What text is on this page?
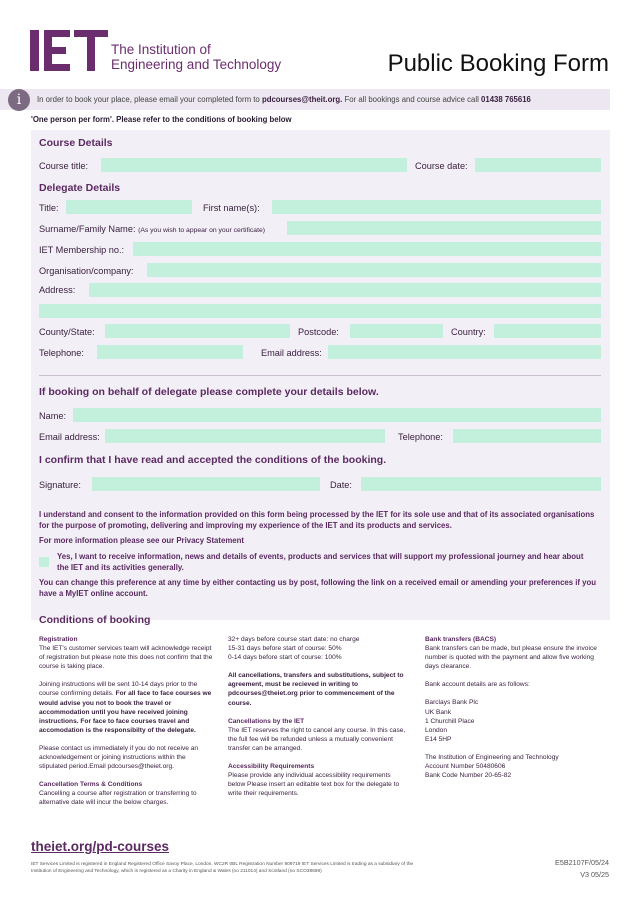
The Institution of
Engineering and Technology	Public Booking Form
i	In order to book your place, please email your completed form to pdcourses@theit.org. For all bookings and course advice call 01438 765616
'One person per form'. Please refer to the conditions of booking below
Course Details
Course title:	Course date:
Delegate Details
Title:	First name(s):
Surname/Family Name: (As you wish to appear on your certificate)
IET Membership no.:
Organisation/company:
Address:
County/State:	Postcode:	Country:
Telephone:	Email address:
If booking on behalf of delegate please complete your details below.
Name:
Email address:	Telephone:
I confirm that I have read and accepted the conditions of the booking.
Signature:	Date:
I understand and consent to the information provided on this form being processed by the IET for its sole use and that of its associated organisations for the purpose of promoting, delivering and improving my experience of the IET and its products and services.
For more information please see our Privacy Statement
Yes, I want to receive information, news and details of events, products and services that will support my professional journey and hear about the IET and its activities generally.
You can change this preference at any time by either contacting us by post, following the link on a received email or amending your preferences if you have a MyIET online account.
Conditions of booking
Registration

The IET's customer services team will acknowledge receipt of registration but please note this does not confirm that the course is taking place.

Joining instructions will be sent 10-14 days prior to the course confirming details. For all face to face courses we would advise you not to book the travel or accommodation until you have received joining instructions. For face to face courses travel and accomodation is the responsibilty of the delegate.

Please contact us immediately if you do not receive an acknowledgement or joining instructions within the stipulated period.Email pdcourses@theiet.org.

Cancellation Terms & Conditions

Cancelling a course after registration or transferring to alternative date will incur the below charges.

32+ days before course start date: no charge
15-31 days before start of course: 50%

0-14 days before start of course: 100%

All cancellations, transfers and substitutions, subject to agreement, must be recieved in writing to pdcourses@theiet.org prior to commencement of the course.

Cancellations by the IET

The IET reserves the right to cancel any course. In this case, the full fee will be refunded unless a mutually convenient transfer can be arranged.

Accessibility Requirements

Please provide any individual accessibility requirements below Please insert an editable text box for the delegate to write their requirements.

Bank transfers (BACS)

Bank transfers can be made, but please ensure the invoice number is quoted with the payment and allow five working days clearance.

Bank account details are as follows:

Barclays Bank Plc
UK Bank
1 Churchill Place
London

E14 5HP

The Institution of Engineering and Technology
Account Number 50480606
Bank Code Number 20-65-82
theiet.org/pd-courses
IET Services Limited is registered in England Registered Office Savoy Place, London, WC2R 0BL Registration Number 909719 IET Services Limited is trading as a subsidiary of the Institution of Engineering and Technology, which is registered as a Charity in England & Wales (no 211014) and Scotland (no SCO38698)
E5B2107F/05/24
V3 05/25
